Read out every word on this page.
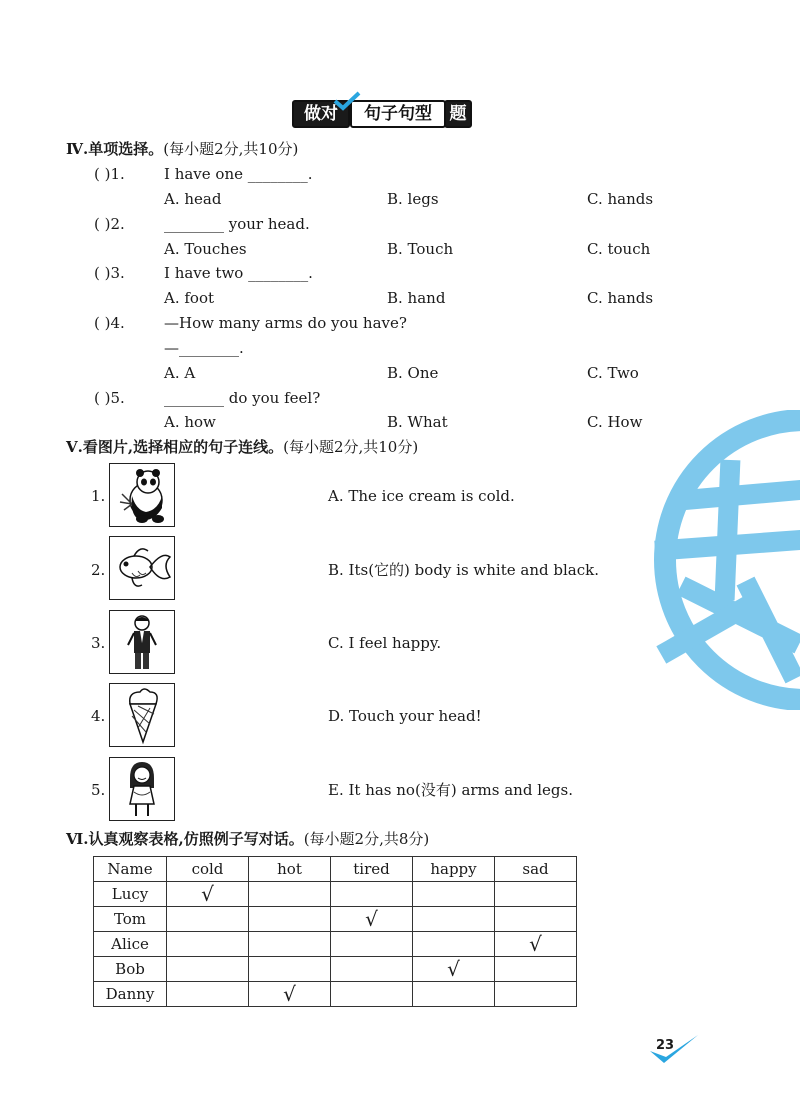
做对	句子句型	题
Ⅳ.单项选择。(每小题2分,共10分)
( )1.	I have one ________.
A. head	B. legs	C. hands
( )2.	________ your head.
A. Touches	B. Touch	C. touch
( )3.	I have two ________.
A. foot	B. hand	C. hands
( )4.	—How many arms do you have?
—________.
A. A	B. One	C. Two
( )5.	________ do you feel?
A. how	B. What	C. How
Ⅴ.看图片,选择相应的句子连线。(每小题2分,共10分)
1.	A. The ice cream is cold.
2.	B. Its(它的) body is white and black.
3.	C. I feel happy.
4.	D. Touch your head!
5.	E. It has no(没有) arms and legs.
Ⅵ.认真观察表格,仿照例子写对话。(每小题2分,共8分)
Name	cold	hot	tired	happy	sad
Lucy	√				
Tom			√		
Alice					√
Bob				√	
Danny		√			
23
